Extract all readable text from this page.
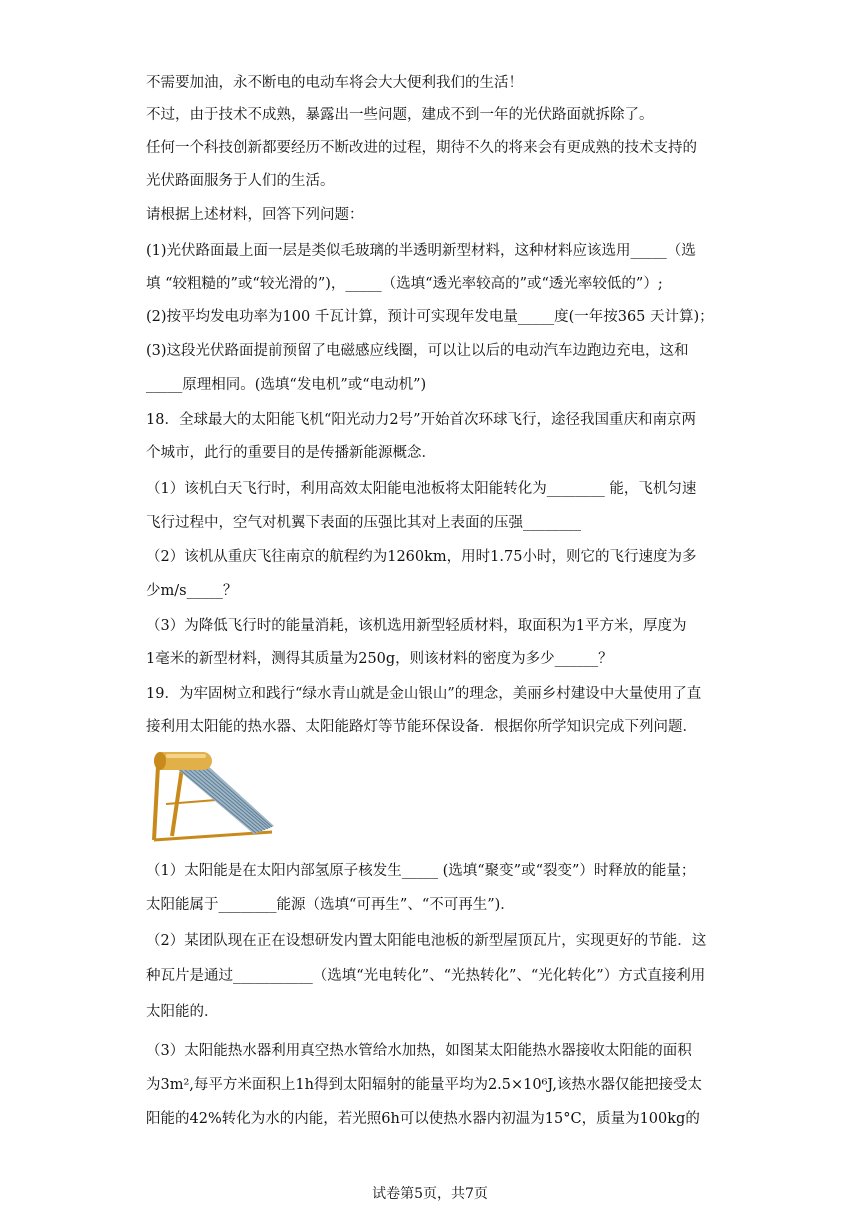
不需要加油，永不断电的电动车将会大大便利我们的生活！
不过，由于技术不成熟，暴露出一些问题，建成不到一年的光伏路面就拆除了。
任何一个科技创新都要经历不断改进的过程，期待不久的将来会有更成熟的技术支持的
光伏路面服务于人们的生活。
请根据上述材料，回答下列问题：
(1)光伏路面最上面一层是类似毛玻璃的半透明新型材料，这种材料应该选用_____（选
填 “较粗糙的”或“较光滑的”)，_____（选填“透光率较高的”或“透光率较低的”）;
(2)按平均发电功率为100 千瓦计算，预计可实现年发电量_____度(一年按365 天计算)；
(3)这段光伏路面提前预留了电磁感应线圈，可以让以后的电动汽车边跑边充电，这和
_____原理相同。(选填“发电机”或“电动机”)
18．全球最大的太阳能飞机“阳光动力2号”开始首次环球飞行，途径我国重庆和南京两
个城市，此行的重要目的是传播新能源概念．
（1）该机白天飞行时，利用高效太阳能电池板将太阳能转化为________ 能，飞机匀速
飞行过程中，空气对机翼下表面的压强比其对上表面的压强________
（2）该机从重庆飞往南京的航程约为1260km，用时1.75小时，则它的飞行速度为多
少m/s_____？
（3）为降低飞行时的能量消耗，该机选用新型轻质材料，取面积为1平方米，厚度为
1毫米的新型材料，测得其质量为250g，则该材料的密度为多少______？
19．为牢固树立和践行“绿水青山就是金山银山”的理念，美丽乡村建设中大量使用了直
接利用太阳能的热水器、太阳能路灯等节能环保设备．根据你所学知识完成下列问题．
（1）太阳能是在太阳内部氢原子核发生_____ (选填“聚变”或“裂变”）时释放的能量；
太阳能属于________能源（选填“可再生”、“不可再生”)．
（2）某团队现在正在设想研发内置太阳能电池板的新型屋顶瓦片，实现更好的节能．这
种瓦片是通过___________（选填“光电转化”、“光热转化”、“光化转化”）方式直接利用
太阳能的．
（3）太阳能热水器利用真空热水管给水加热，如图某太阳能热水器接收太阳能的面积
为3m²,每平方米面积上1h得到太阳辐射的能量平均为2.5×10⁶J,该热水器仅能把接受太
阳能的42%转化为水的内能，若光照6h可以使热水器内初温为15°C，质量为100kg的
试卷第5页，共7页
